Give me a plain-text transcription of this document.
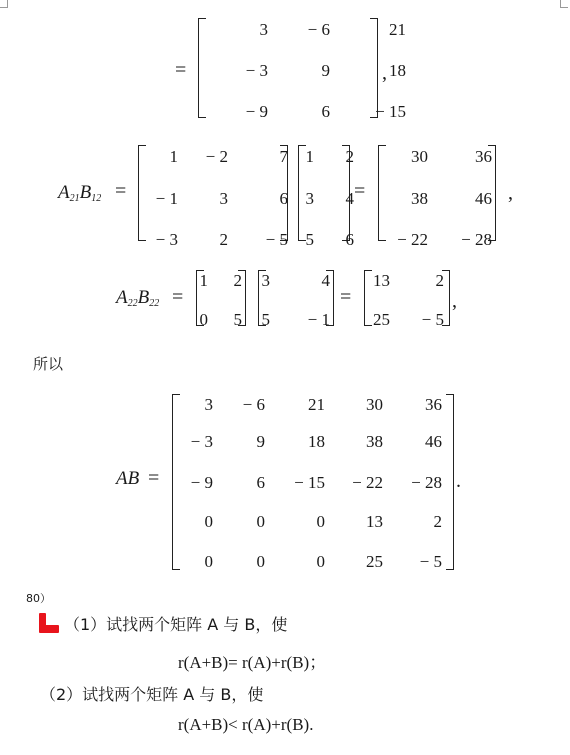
=
3	− 6	21
− 3	9	18
− 9	6	− 15
,
$A_{21}B_{12}$ =
1	− 2	7
− 1	3	6
− 3	2	− 5
1	2
3	4
5	6
=
30	36
38	46
− 22	− 28
,
$A_{22}B_{22}$ =
1	2
0	5
3	4
5	− 1
=
13	2
25	− 5
,
所以
AB =
3	− 6	21	30	36
− 3	9	18	38	46
− 9	6	− 15	− 22	− 28
0	0	0	13	2
0	0	0	25	− 5
.
80）
（1）试找两个矩阵 A 与 B，使
r(A+B)= r(A)+r(B)；
（2）试找两个矩阵 A 与 B，使
r(A+B)< r(A)+r(B).
